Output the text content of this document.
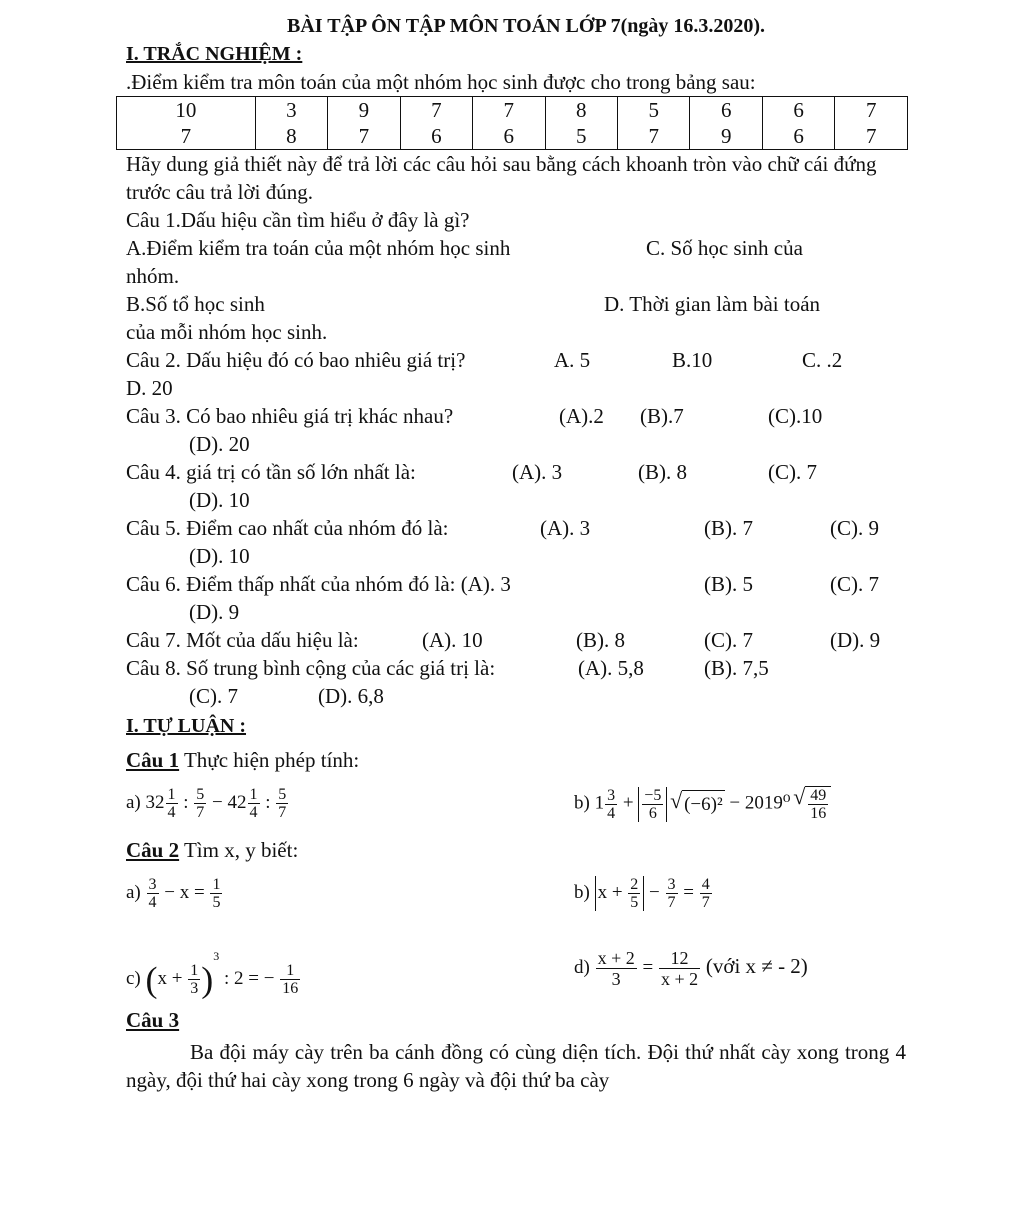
BÀI TẬP ÔN TẬP MÔN TOÁN LỚP 7(ngày 16.3.2020).
I. TRẮC NGHIỆM :
.Điểm kiểm tra môn toán của một nhóm học sinh được cho trong bảng sau:
10	3	9	7	7	8	5	6	6	7
7	8	7	6	6	5	7	9	6	7
Hãy dung giả thiết này để trả lời các câu hỏi sau bằng cách khoanh tròn vào chữ cái đứng trước câu trả lời đúng.
Câu 1.Dấu hiệu cần tìm hiểu ở đây là gì?
A.Điểm kiểm tra toán của một nhóm học sinh	C. Số học sinh của
nhóm.
B.Số tổ học sinh	D. Thời gian làm bài toán
của mỗi nhóm học sinh.
Câu 2. Dấu hiệu đó có bao nhiêu giá trị?	A. 5	B.10	C. .2
D. 20
Câu 3. Có bao nhiêu giá trị khác nhau?	(A).2 (B).7	(C).10
(D). 20
Câu 4. giá trị có tần số lớn nhất là:	(A). 3	(B). 8	(C). 7
(D). 10
Câu 5. Điểm cao nhất của nhóm đó là:	(A). 3	(B). 7	(C). 9
(D). 10
Câu 6. Điểm thấp nhất của nhóm đó là: (A). 3	(B). 5	(C). 7
(D). 9
Câu 7. Mốt của dấu hiệu là:	(A). 10	(B). 8	(C). 7	(D). 9
Câu 8. Số trung bình cộng của các giá trị là:	(A). 5,8	(B). 7,5
(C). 7	(D). 6,8
I. TỰ LUẬN :
Câu 1 Thực hiện phép tính:
a) $32 \frac{1}{4}$ : $\frac{5}{7} - 42 \frac{1}{4}$ : $\frac{5}{7}$	b) $1 \frac{3}{4} + \frac{-5}{6}$ √ (−6)² − 2019⁰ √ $\frac{49}{16}$
Câu 2 Tìm x, y biết:
$a) \frac{3}{4} - x = \frac{1}{5}$	b) $x + \frac{2}{5} - \frac{3}{7} = \frac{4}{7}$
c) $(x + \frac{1}{3} )^3$ : 2 = − $\frac{1}{16}$	$d) \frac{x + 2}{3} = \frac{12}{x + 2}$ (với x ≠ - 2)
Câu 3
Ba đội máy cày trên ba cánh đồng có cùng diện tích. Đội thứ nhất cày xong trong 4 ngày, đội thứ hai cày xong trong 6 ngày và đội thứ ba cày
